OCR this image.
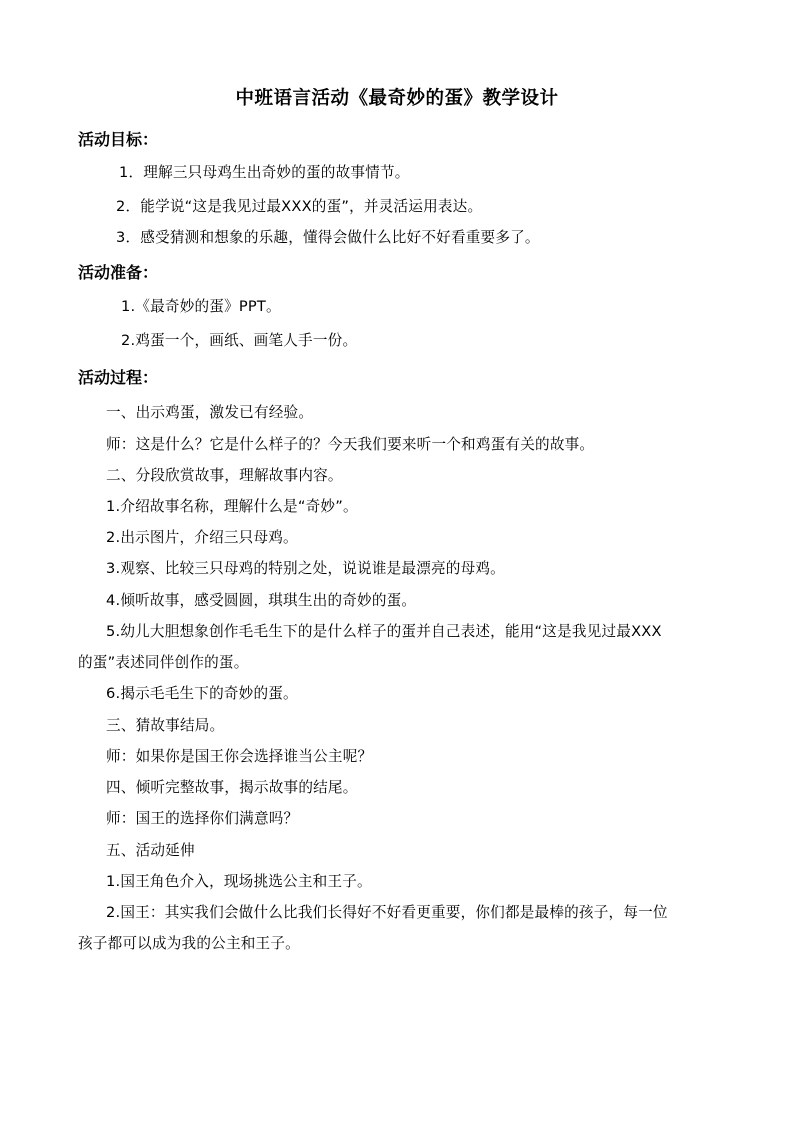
中班语言活动《最奇妙的蛋》教学设计
活动目标：
1．理解三只母鸡生出奇妙的蛋的故事情节。
2．能学说“这是我见过最XXX的蛋”，并灵活运用表达。
3．感受猜测和想象的乐趣，懂得会做什么比好不好看重要多了。
活动准备：
1.《最奇妙的蛋》PPT。
2.鸡蛋一个，画纸、画笔人手一份。
活动过程：
一、出示鸡蛋，激发已有经验。
师：这是什么？它是什么样子的？今天我们要来听一个和鸡蛋有关的故事。
二、分段欣赏故事，理解故事内容。
1.介绍故事名称，理解什么是“奇妙”。
2.出示图片，介绍三只母鸡。
3.观察、比较三只母鸡的特别之处，说说谁是最漂亮的母鸡。
4.倾听故事，感受圆圆，琪琪生出的奇妙的蛋。
5.幼儿大胆想象创作毛毛生下的是什么样子的蛋并自己表述，能用“这是我见过最XXX
的蛋”表述同伴创作的蛋。
6.揭示毛毛生下的奇妙的蛋。
三、猜故事结局。
师：如果你是国王你会选择谁当公主呢？
四、倾听完整故事，揭示故事的结尾。
师：国王的选择你们满意吗？
五、活动延伸
1.国王角色介入，现场挑选公主和王子。
2.国王：其实我们会做什么比我们长得好不好看更重要，你们都是最棒的孩子，每一位
孩子都可以成为我的公主和王子。
